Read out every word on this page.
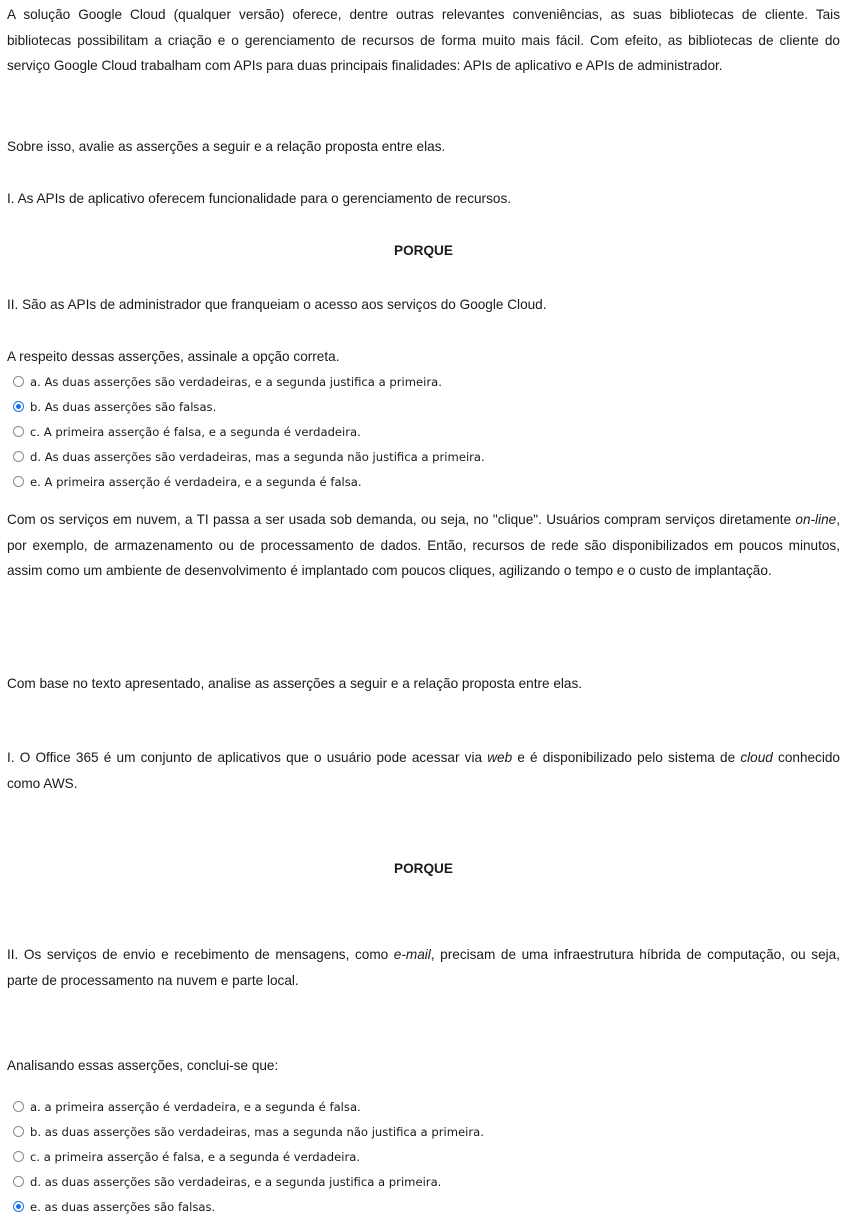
A solução Google Cloud (qualquer versão) oferece, dentre outras relevantes conveniências, as suas bibliotecas de cliente. Tais bibliotecas possibilitam a criação e o gerenciamento de recursos de forma muito mais fácil. Com efeito, as bibliotecas de cliente do serviço Google Cloud trabalham com APIs para duas principais finalidades: APIs de aplicativo e APIs de administrador.

Sobre isso, avalie as asserções a seguir e a relação proposta entre elas.

I. As APIs de aplicativo oferecem funcionalidade para o gerenciamento de recursos.

PORQUE

II. São as APIs de administrador que franqueiam o acesso aos serviços do Google Cloud.

A respeito dessas asserções, assinale a opção correta.

a. As duas asserções são verdadeiras, e a segunda justifica a primeira.
b. As duas asserções são falsas.
c. A primeira asserção é falsa, e a segunda é verdadeira.
d. As duas asserções são verdadeiras, mas a segunda não justifica a primeira.
e. A primeira asserção é verdadeira, e a segunda é falsa.

Com os serviços em nuvem, a TI passa a ser usada sob demanda, ou seja, no "clique". Usuários compram serviços diretamente on-line, por exemplo, de armazenamento ou de processamento de dados. Então, recursos de rede são disponibilizados em poucos minutos, assim como um ambiente de desenvolvimento é implantado com poucos cliques, agilizando o tempo e o custo de implantação.

Com base no texto apresentado, analise as asserções a seguir e a relação proposta entre elas.

I. O Office 365 é um conjunto de aplicativos que o usuário pode acessar via web e é disponibilizado pelo sistema de cloud conhecido como AWS.

PORQUE

II. Os serviços de envio e recebimento de mensagens, como e-mail, precisam de uma infraestrutura híbrida de computação, ou seja, parte de processamento na nuvem e parte local.

Analisando essas asserções, conclui-se que:

a. a primeira asserção é verdadeira, e a segunda é falsa.
b. as duas asserções são verdadeiras, mas a segunda não justifica a primeira.
c. a primeira asserção é falsa, e a segunda é verdadeira.
d. as duas asserções são verdadeiras, e a segunda justifica a primeira.
e. as duas asserções são falsas.
